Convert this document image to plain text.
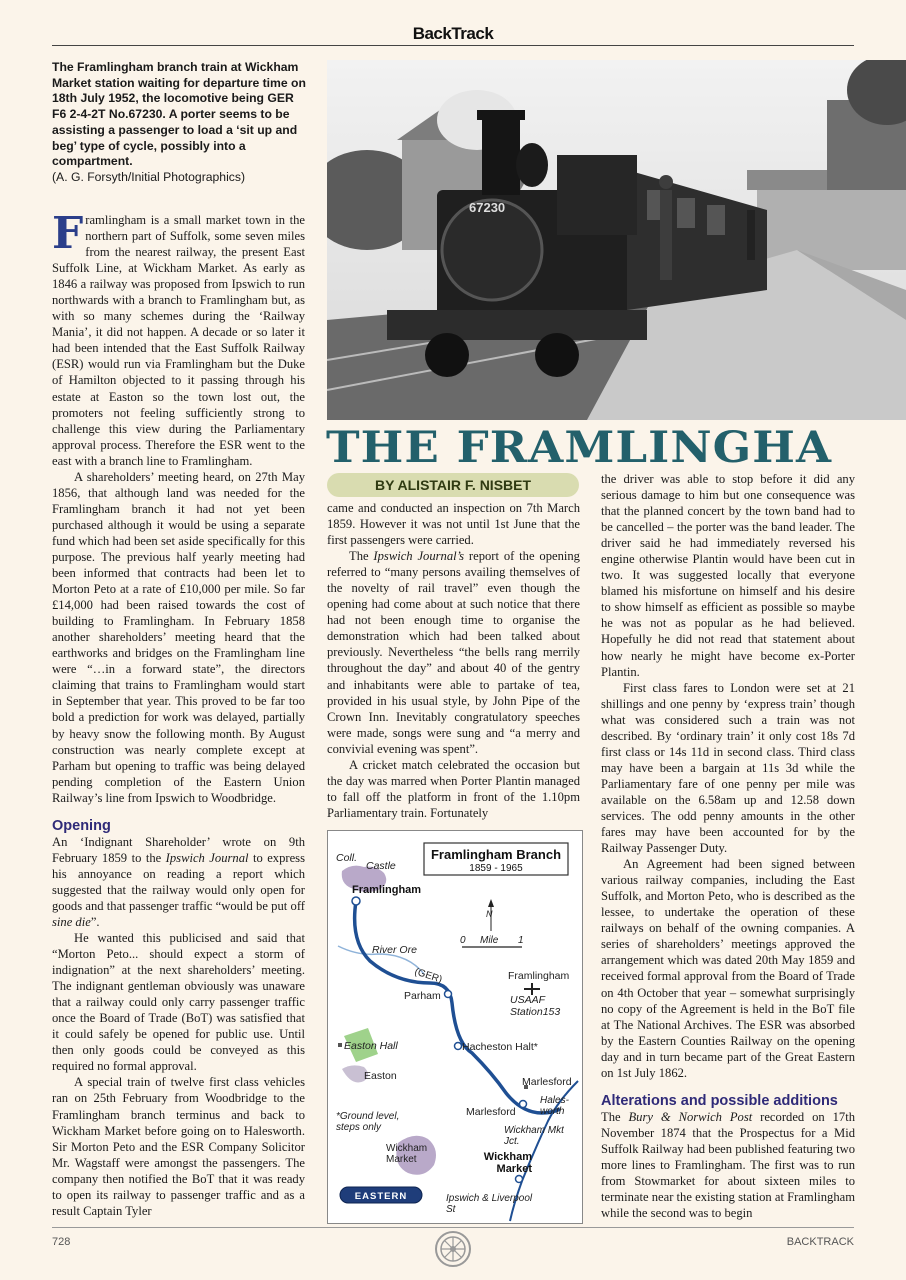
BackTrack
The Framlingham branch train at Wickham Market station waiting for departure time on 18th July 1952, the locomotive being GER F6 2-4-2T No.67230. A porter seems to be assisting a passenger to load a ‘sit up and beg’ type of cycle, possibly into a compartment.
(A. G. Forsyth/Initial Photographics)
67230
THE FRAMLINGHA
BY ALISTAIR F. NISBET

Framlingham is a small market town in the northern part of Suffolk, some seven miles from the nearest railway, the present East Suffolk Line, at Wickham Market. As early as 1846 a railway was proposed from Ipswich to run northwards with a branch to Framlingham but, as with so many schemes during the ‘Railway Mania’, it did not happen. A decade or so later it had been intended that the East Suffolk Railway (ESR) would run via Framlingham but the Duke of Hamilton objected to it passing through his estate at Easton so the town lost out, the promoters not feeling sufficiently strong to challenge this view during the Parliamentary approval process. Therefore the ESR went to the east with a branch line to Framlingham.

A shareholders’ meeting heard, on 27th May 1856, that although land was needed for the Framlingham branch it had not yet been purchased although it would be using a separate fund which had been set aside specifically for this purpose. The previous half yearly meeting had been informed that contracts had been let to Morton Peto at a rate of £10,000 per mile. So far £14,000 had been raised towards the cost of building to Framlingham. In February 1858 another shareholders’ meeting heard that the earthworks and bridges on the Framlingham line were “…in a forward state”, the directors claiming that trains to Framlingham would start in September that year. This proved to be far too bold a prediction for work was delayed, partially by heavy snow the following month. By August construction was nearly complete except at Parham but opening to traffic was being delayed pending completion of the Eastern Union Railway’s line from Ipswich to Woodbridge.

Opening

An ‘Indignant Shareholder’ wrote on 9th February 1859 to the Ipswich Journal to express his annoyance on reading a report which suggested that the railway would only open for goods and that passenger traffic “would be put off sine die”.

He wanted this publicised and said that “Morton Peto... should expect a storm of indignation” at the next shareholders’ meeting. The indignant gentleman obviously was unaware that a railway could only carry passenger traffic once the Board of Trade (BoT) was satisfied that it could safely be opened for public use. Until then only goods could be conveyed as this required no formal approval.

A special train of twelve first class vehicles ran on 25th February from Woodbridge to the Framlingham branch terminus and back to Wickham Market before going on to Halesworth. Sir Morton Peto and the ESR Company Solicitor Mr. Wagstaff were amongst the passengers. The company then notified the BoT that it was ready to open its railway to passenger traffic and as a result Captain Tyler

came and conducted an inspection on 7th March 1859. However it was not until 1st June that the first passengers were carried.

The Ipswich Journal’s report of the opening referred to “many persons availing themselves of the novelty of rail travel” even though the opening had come about at such notice that there had not been enough time to organise the demonstration which had been talked about previously. Nevertheless “the bells rang merrily throughout the day” and about 40 of the gentry and inhabitants were able to partake of tea, provided in his usual style, by John Pipe of the Crown Inn. Inevitably congratulatory speeches were made, songs were sung and “a merry and convivial evening was spent”.

A cricket match celebrated the occasion but the day was marred when Porter Plantin managed to fall off the platform in front of the 1.10pm Parliamentary train. Fortunately

Framlingham Branch
1859 - 1965
Coll.
Castle
Framlingham
River Ore
(GER)
Parham
Framlingham
USAAF
Station153
N
0 Mile 1
Easton Hall
Easton
Hacheston Halt*
Marlesford
Marlesford
Hales-worth
Wickham Mkt Jct.
*Ground level, steps only
Wickham Market	Wickham Market
Ipswich & Liverpool St
EASTERN

the driver was able to stop before it did any serious damage to him but one consequence was that the planned concert by the town band had to be cancelled – the porter was the band leader. The driver said he had immediately reversed his engine otherwise Plantin would have been cut in two. It was suggested locally that everyone blamed his misfortune on himself and his desire to show himself as efficient as possible so maybe he was not as popular as he had believed. Hopefully he did not read that statement about how nearly he might have become ex-Porter Plantin.

First class fares to London were set at 21 shillings and one penny by ‘express train’ though what was considered such a train was not described. By ‘ordinary train’ it only cost 18s 7d first class or 14s 11d in second class. Third class may have been a bargain at 11s 3d while the Parliamentary fare of one penny per mile was available on the 6.58am up and 12.58 down services. The odd penny amounts in the other fares may have been accounted for by the Railway Passenger Duty.

An Agreement had been signed between various railway companies, including the East Suffolk, and Morton Peto, who is described as the lessee, to undertake the operation of these railways on behalf of the owning companies. A series of shareholders’ meetings approved the arrangement which was dated 20th May 1859 and received formal approval from the Board of Trade on 4th October that year – somewhat surprisingly no copy of the Agreement is held in the BoT file at The National Archives. The ESR was absorbed by the Eastern Counties Railway on the opening day and in turn became part of the Great Eastern on 1st July 1862.

Alterations and possible additions

The Bury & Norwich Post recorded on 17th November 1874 that the Prospectus for a Mid Suffolk Railway had been published featuring two more lines to Framlingham. The first was to run from Stowmarket for about sixteen miles to terminate near the existing station at Framlingham while the second was to begin

728	BACKTRACK
